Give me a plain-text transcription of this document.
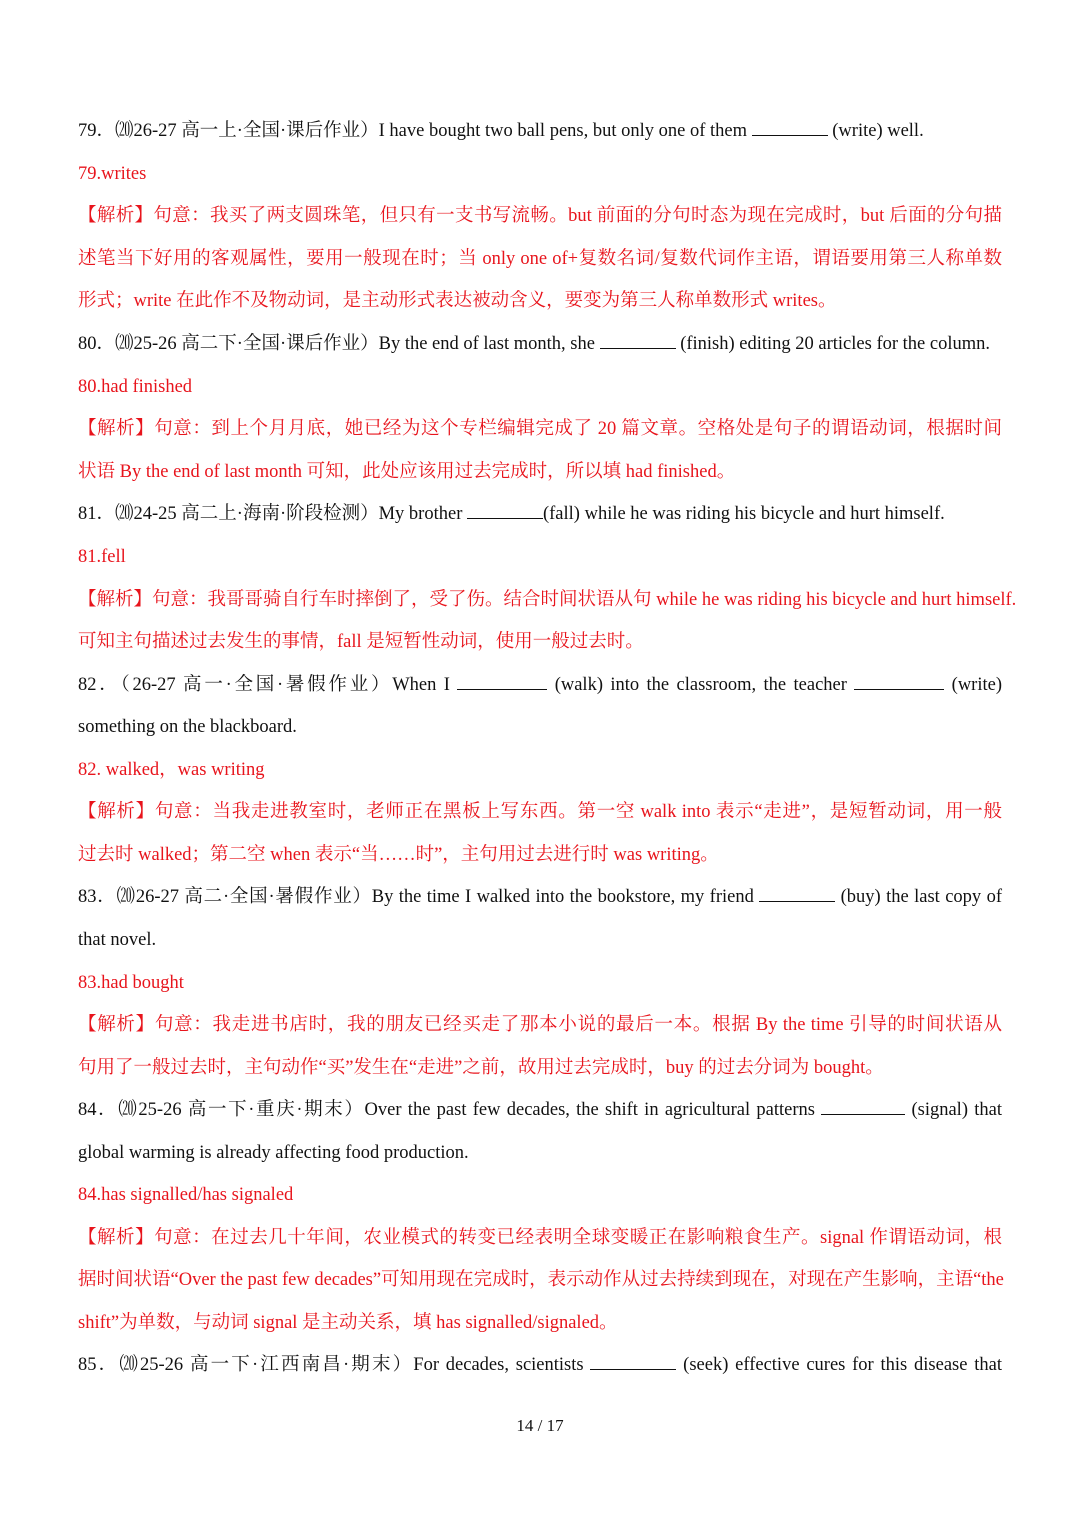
79．⒇26-27 高一上·全国·课后作业）I have bought two ball pens, but only one of them	(write) well.
79.writes
【解析】句意：我买了两支圆珠笔，但只有一支书写流畅。but 前面的分句时态为现在完成时，but 后面的分句描
述笔当下好用的客观属性，要用一般现在时；当 only one of+复数名词/复数代词作主语，谓语要用第三人称单数
形式；write 在此作不及物动词，是主动形式表达被动含义，要变为第三人称单数形式 writes。
80．⒇25-26 高二下·全国·课后作业）By the end of last month, she	(finish) editing 20 articles for the column.
80.had finished
【解析】句意：到上个月月底，她已经为这个专栏编辑完成了 20 篇文章。空格处是句子的谓语动词，根据时间
状语 By the end of last month 可知，此处应该用过去完成时，所以填 had finished。
81．⒇24-25 高二上·海南·阶段检测）My brother	(fall) while he was riding his bicycle and hurt himself.
81.fell
【解析】句意：我哥哥骑自行车时摔倒了，受了伤。结合时间状语从句 while he was riding his bicycle and hurt himself.
可知主句描述过去发生的事情，fall 是短暂性动词，使用一般过去时。
82．（26-27 高一·全国·暑假作业）When I	(walk) into the classroom, the teacher	(write)
something on the blackboard.
82. walked，was writing
【解析】句意：当我走进教室时，老师正在黑板上写东西。第一空 walk into 表示“走进”，是短暂动词，用一般
过去时 walked；第二空 when 表示“当……时”，主句用过去进行时 was writing。
83．⒇26-27 高二·全国·暑假作业）By the time I walked into the bookstore, my friend	(buy) the last copy of
that novel.
83.had bought
【解析】句意：我走进书店时，我的朋友已经买走了那本小说的最后一本。根据 By the time 引导的时间状语从
句用了一般过去时，主句动作“买”发生在“走进”之前，故用过去完成时，buy 的过去分词为 bought。
84．⒇25-26 高一下·重庆·期末）Over the past few decades, the shift in agricultural patterns	(signal) that
global warming is already affecting food production.
84.has signalled/has signaled
【解析】句意：在过去几十年间，农业模式的转变已经表明全球变暖正在影响粮食生产。signal 作谓语动词，根
据时间状语“Over the past few decades”可知用现在完成时，表示动作从过去持续到现在，对现在产生影响，主语“the
shift”为单数，与动词 signal 是主动关系，填 has signalled/signaled。
85．⒇25-26 高一下·江西南昌·期末）For decades, scientists	(seek) effective cures for this disease that
14 / 17
